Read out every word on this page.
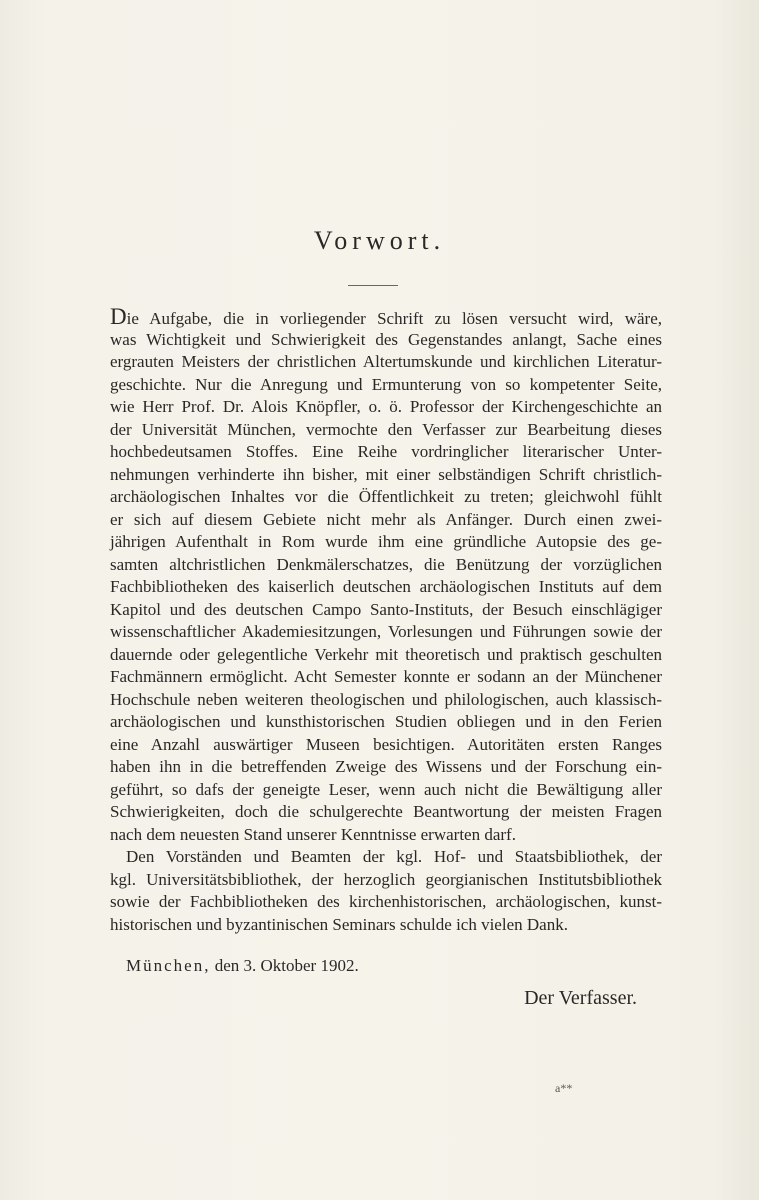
Vorwort.
Die Aufgabe, die in vorliegender Schrift zu lösen versucht wird, wäre,
was Wichtigkeit und Schwierigkeit des Gegenstandes anlangt, Sache eines
ergrauten Meisters der christlichen Altertumskunde und kirchlichen Literatur-
geschichte. Nur die Anregung und Ermunterung von so kompetenter Seite,
wie Herr Prof. Dr. Alois Knöpfler, o. ö. Professor der Kirchengeschichte an
der Universität München, vermochte den Verfasser zur Bearbeitung dieses
hochbedeutsamen Stoffes. Eine Reihe vordringlicher literarischer Unter-
nehmungen verhinderte ihn bisher, mit einer selbständigen Schrift christlich-
archäologischen Inhaltes vor die Öffentlichkeit zu treten; gleichwohl fühlt
er sich auf diesem Gebiete nicht mehr als Anfänger. Durch einen zwei-
jährigen Aufenthalt in Rom wurde ihm eine gründliche Autopsie des ge-
samten altchristlichen Denkmälerschatzes, die Benützung der vorzüglichen
Fachbibliotheken des kaiserlich deutschen archäologischen Instituts auf dem
Kapitol und des deutschen Campo Santo-Instituts, der Besuch einschlägiger
wissenschaftlicher Akademiesitzungen, Vorlesungen und Führungen sowie der
dauernde oder gelegentliche Verkehr mit theoretisch und praktisch geschulten
Fachmännern ermöglicht. Acht Semester konnte er sodann an der Münchener
Hochschule neben weiteren theologischen und philologischen, auch klassisch-
archäologischen und kunsthistorischen Studien obliegen und in den Ferien
eine Anzahl auswärtiger Museen besichtigen. Autoritäten ersten Ranges
haben ihn in die betreffenden Zweige des Wissens und der Forschung ein-
geführt, so dafs der geneigte Leser, wenn auch nicht die Bewältigung aller
Schwierigkeiten, doch die schulgerechte Beantwortung der meisten Fragen
nach dem neuesten Stand unserer Kenntnisse erwarten darf.
Den Vorständen und Beamten der kgl. Hof- und Staatsbibliothek, der
kgl. Universitätsbibliothek, der herzoglich georgianischen Institutsbibliothek
sowie der Fachbibliotheken des kirchenhistorischen, archäologischen, kunst-
historischen und byzantinischen Seminars schulde ich vielen Dank.
München, den 3. Oktober 1902.
Der Verfasser.
a**
